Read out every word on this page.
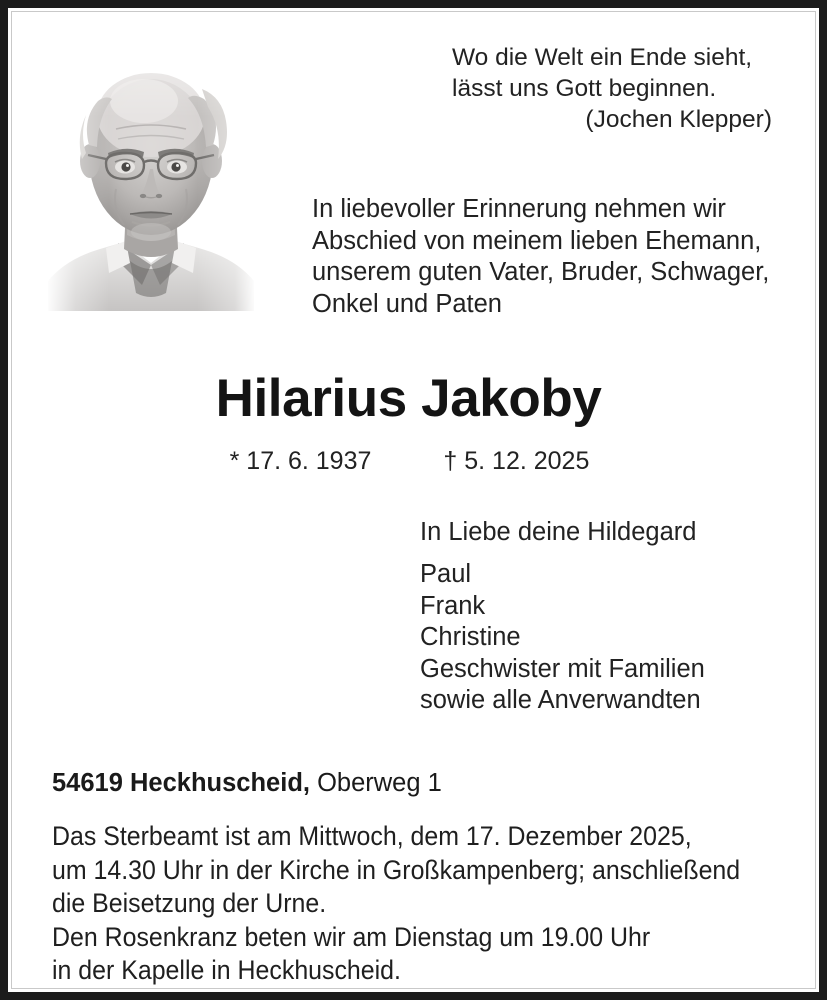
Wo die Welt ein Ende sieht,
lässt uns Gott beginnen.
(Jochen Klepper)
In liebevoller Erinnerung nehmen wir
Abschied von meinem lieben Ehemann,
unserem guten Vater, Bruder, Schwager,
Onkel und Paten
Hilarius Jakoby
* 17. 6. 1937	† 5. 12. 2025
In Liebe deine Hildegard
Paul
Frank
Christine
Geschwister mit Familien
sowie alle Anverwandten
54619 Heckhuscheid, Oberweg 1
Das Sterbeamt ist am Mittwoch, dem 17. Dezember 2025,
um 14.30 Uhr in der Kirche in Großkampenberg; anschließend
die Beisetzung der Urne.
Den Rosenkranz beten wir am Dienstag um 19.00 Uhr
in der Kapelle in Heckhuscheid.
